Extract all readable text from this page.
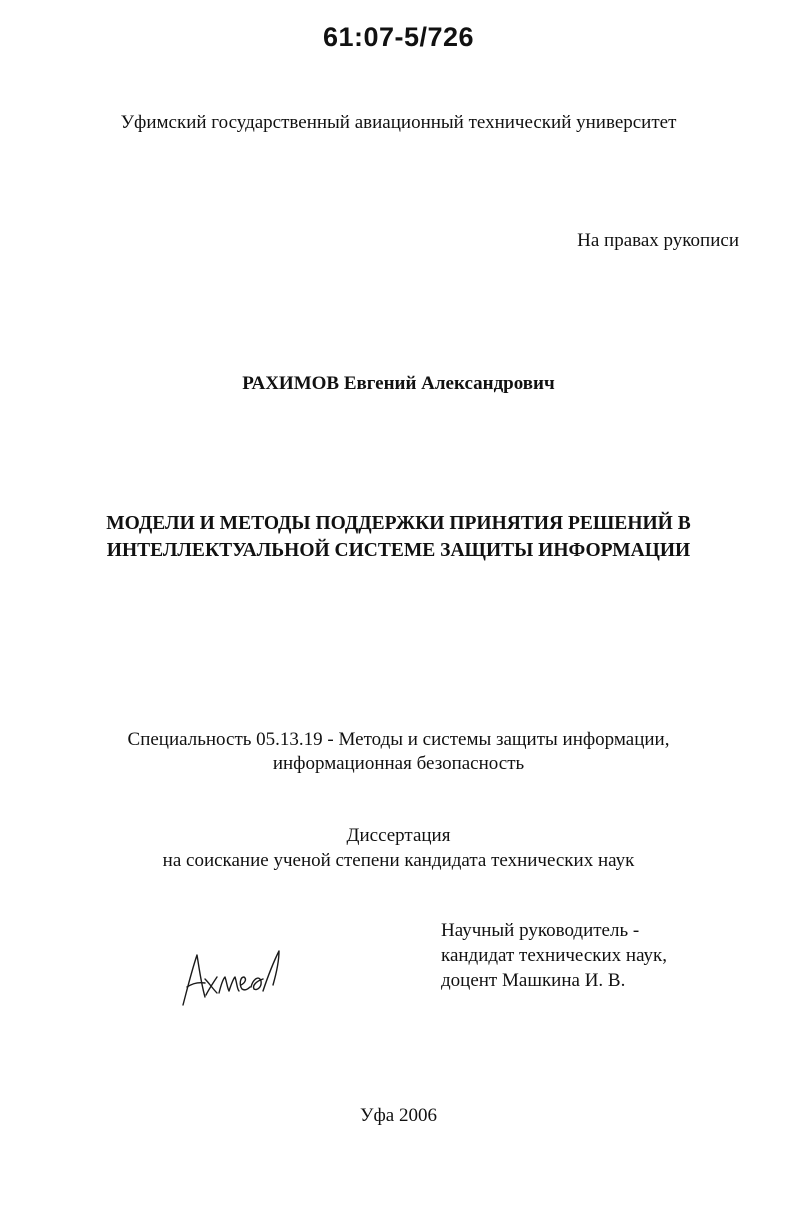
61:07-5/726
Уфимский государственный авиационный технический университет
На правах рукописи
РАХИМОВ Евгений Александрович
МОДЕЛИ И МЕТОДЫ ПОДДЕРЖКИ ПРИНЯТИЯ РЕШЕНИЙ В
ИНТЕЛЛЕКТУАЛЬНОЙ СИСТЕМЕ ЗАЩИТЫ ИНФОРМАЦИИ
Специальность 05.13.19 - Методы и системы защиты информации,
информационная безопасность
Диссертация
на соискание ученой степени кандидата технических наук
Научный руководитель -
кандидат технических наук,
доцент Машкина И. В.
Уфа 2006
